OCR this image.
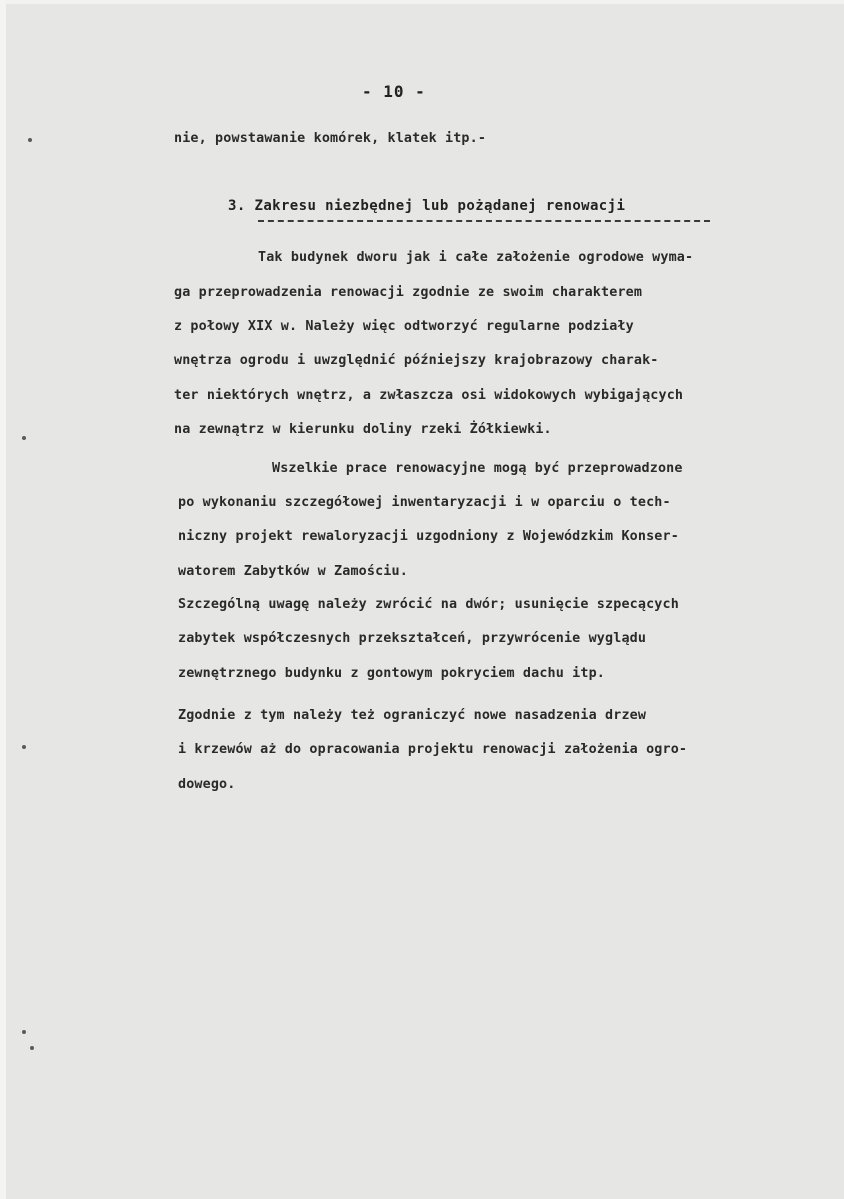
- 10 -
nie, powstawanie komórek, klatek itp.-
3. Zakresu niezbędnej lub pożądanej renowacji
Tak budynek dworu jak i całe założenie ogrodowe wyma-
ga przeprowadzenia renowacji zgodnie ze swoim charakterem
z połowy XIX w. Należy więc odtworzyć regularne podziały
wnętrza ogrodu i uwzględnić późniejszy krajobrazowy charak-
ter niektórych wnętrz, a zwłaszcza osi widokowych wybigających
na zewnątrz w kierunku doliny rzeki Żółkiewki.
Wszelkie prace renowacyjne mogą być przeprowadzone
po wykonaniu szczegółowej inwentaryzacji i w oparciu o tech-
niczny projekt rewaloryzacji uzgodniony z Wojewódzkim Konser-
watorem Zabytków w Zamościu.
Szczególną uwagę należy zwrócić na dwór; usunięcie szpecących
zabytek współczesnych przekształceń, przywrócenie wyglądu
zewnętrznego budynku z gontowym pokryciem dachu itp.
Zgodnie z tym należy też ograniczyć nowe nasadzenia drzew
i krzewów aż do opracowania projektu renowacji założenia ogro-
dowego.
